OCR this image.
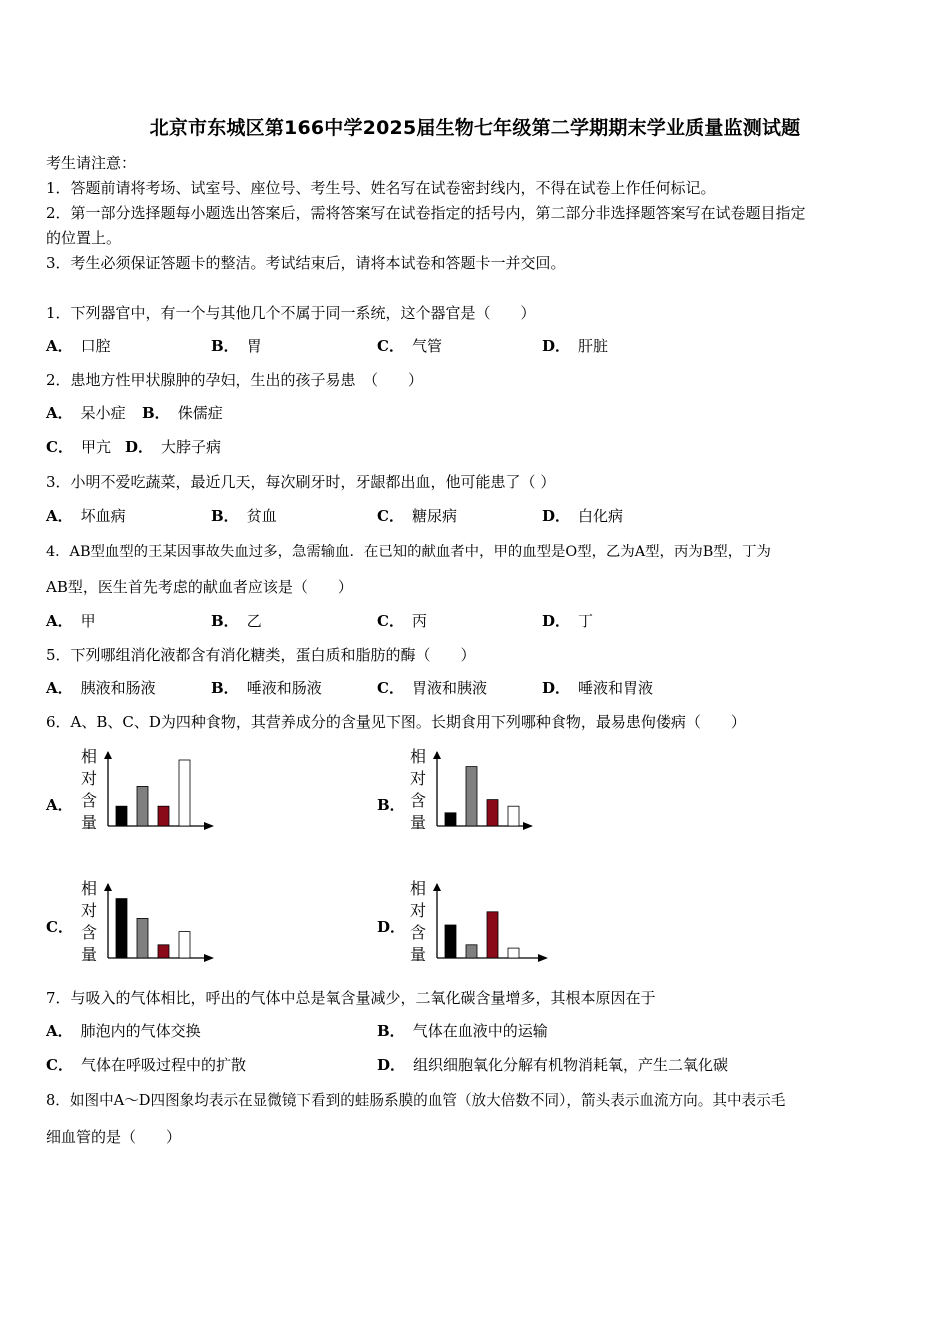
北京市东城区第166中学2025届生物七年级第二学期期末学业质量监测试题
考生请注意：
1．答题前请将考场、试室号、座位号、考生号、姓名写在试卷密封线内，不得在试卷上作任何标记。
2．第一部分选择题每小题选出答案后，需将答案写在试卷指定的括号内，第二部分非选择题答案写在试卷题目指定
的位置上。
3．考生必须保证答题卡的整洁。考试结束后，请将本试卷和答题卡一并交回。
1．下列器官中，有一个与其他几个不属于同一系统，这个器官是（　　）
A． 口腔	B． 胃	C． 气管	D． 肝脏
2．患地方性甲状腺肿的孕妇，生出的孩子易患　（　　）
A． 呆小症 B． 侏儒症
C． 甲亢 D． 大脖子病
3．小明不爱吃蔬菜，最近几天，每次刷牙时，牙龈都出血，他可能患了（ ）
A． 坏血病	B． 贫血	C． 糖尿病	D． 白化病
4．AB型血型的王某因事故失血过多，急需输血．在已知的献血者中，甲的血型是O型，乙为A型，丙为B型，丁为
AB型，医生首先考虑的献血者应该是（　　）
A． 甲	B． 乙	C． 丙	D． 丁
5．下列哪组消化液都含有消化糖类，蛋白质和脂肪的酶（　　）
A． 胰液和肠液	B． 唾液和肠液	C． 胃液和胰液	D． 唾液和胃液
6．A、B、C、D为四种食物，其营养成分的含量见下图。长期食用下列哪种食物，最易患佝偻病（　　）
A．	B．
C．	D．
相
对
含
量
相
对
含
量
相
对
含
量
相
对
含
量
7．与吸入的气体相比，呼出的气体中总是氧含量减少，二氧化碳含量增多，其根本原因在于
A． 肺泡内的气体交换	B． 气体在血液中的运输
C． 气体在呼吸过程中的扩散	D． 组织细胞氧化分解有机物消耗氧，产生二氧化碳
8．如图中A～D四图象均表示在显微镜下看到的蛙肠系膜的血管（放大倍数不同），箭头表示血流方向。其中表示毛
细血管的是（　　）
